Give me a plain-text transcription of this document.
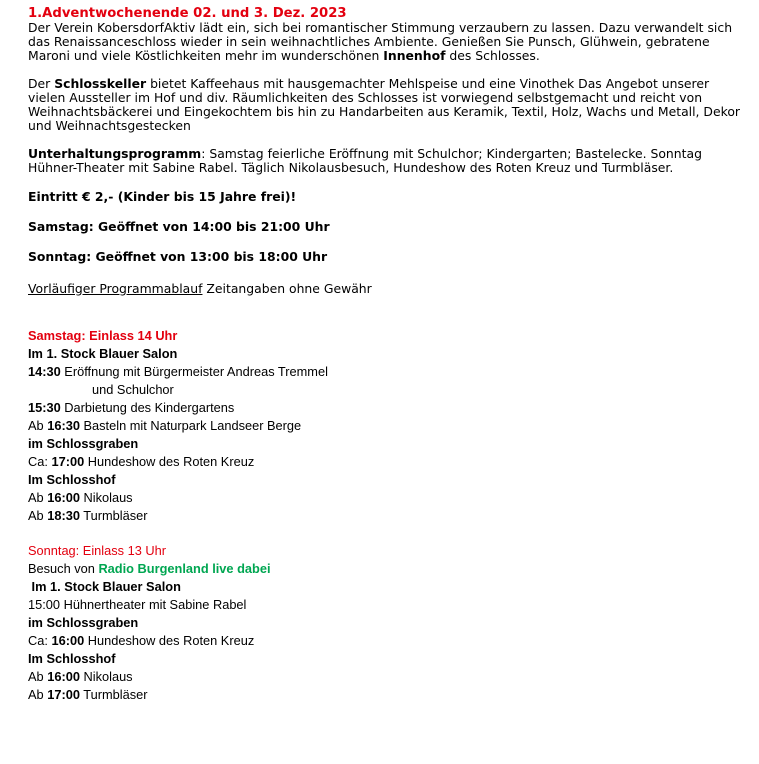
1.Adventwochenende 02. und 3. Dez. 2023

Der Verein KobersdorfAktiv lädt ein, sich bei romantischer Stimmung verzaubern zu lassen. Dazu verwandelt sich das Renaissanceschloss wieder in sein weihnachtliches Ambiente. Genießen Sie Punsch, Glühwein, gebratene Maroni und viele Köstlichkeiten mehr im wunderschönen Innenhof des Schlosses.

Der Schlosskeller bietet Kaffeehaus mit hausgemachter Mehlspeise und eine Vinothek Das Angebot unserer vielen Aussteller im Hof und div. Räumlichkeiten des Schlosses ist vorwiegend selbstgemacht und reicht von Weihnachtsbäckerei und Eingekochtem bis hin zu Handarbeiten aus Keramik, Textil, Holz, Wachs und Metall, Dekor und Weihnachtsgestecken

Unterhaltungsprogramm: Samstag feierliche Eröffnung mit Schulchor; Kindergarten; Bastelecke. Sonntag Hühner-Theater mit Sabine Rabel. Täglich Nikolausbesuch, Hundeshow des Roten Kreuz und Turmbläser.

Eintritt € 2,- (Kinder bis 15 Jahre frei)!

Samstag: Geöffnet von 14:00 bis 21:00 Uhr

Sonntag: Geöffnet von 13:00 bis 18:00 Uhr

Vorläufiger Programmablauf Zeitangaben ohne Gewähr

Samstag: Einlass 14 Uhr

Im 1. Stock Blauer Salon

14:30 Eröffnung mit Bürgermeister Andreas Tremmel

und Schulchor

15:30 Darbietung des Kindergartens

Ab 16:30 Basteln mit Naturpark Landseer Berge

im Schlossgraben

Ca: 17:00 Hundeshow des Roten Kreuz

Im Schlosshof

Ab 16:00 Nikolaus

Ab 18:30 Turmbläser

Sonntag: Einlass 13 Uhr

Besuch von Radio Burgenland live dabei

Im 1. Stock Blauer Salon

15:00 Hühnertheater mit Sabine Rabel

im Schlossgraben

Ca: 16:00 Hundeshow des Roten Kreuz

Im Schlosshof

Ab 16:00 Nikolaus

Ab 17:00 Turmbläser
